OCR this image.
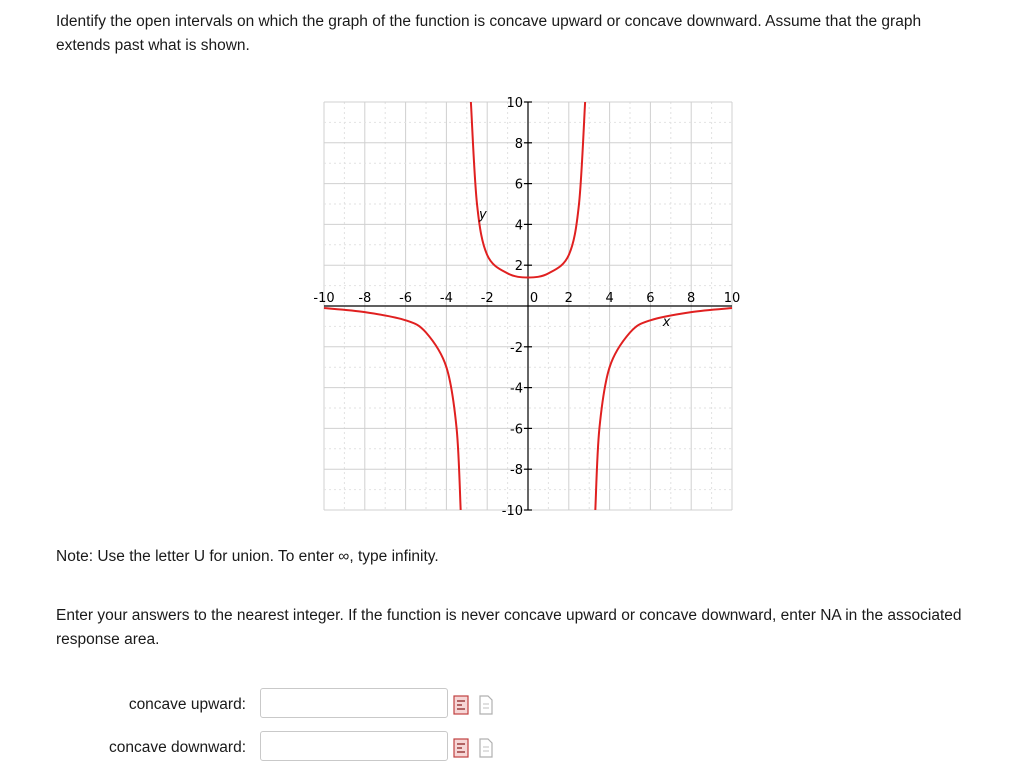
Identify the open intervals on which the graph of the function is concave upward or concave downward. Assume that the graph extends past what is shown.

-10 -8 -6 -4 -2	0 2	4	6	8 10
10
8
6
4
2
-2
-4
-6
-8
-10
x
y

Note: Use the letter U for union. To enter ∞, type infinity.

Enter your answers to the nearest integer. If the function is never concave upward or concave downward, enter NA in the associated response area.

concave upward:
concave downward:
